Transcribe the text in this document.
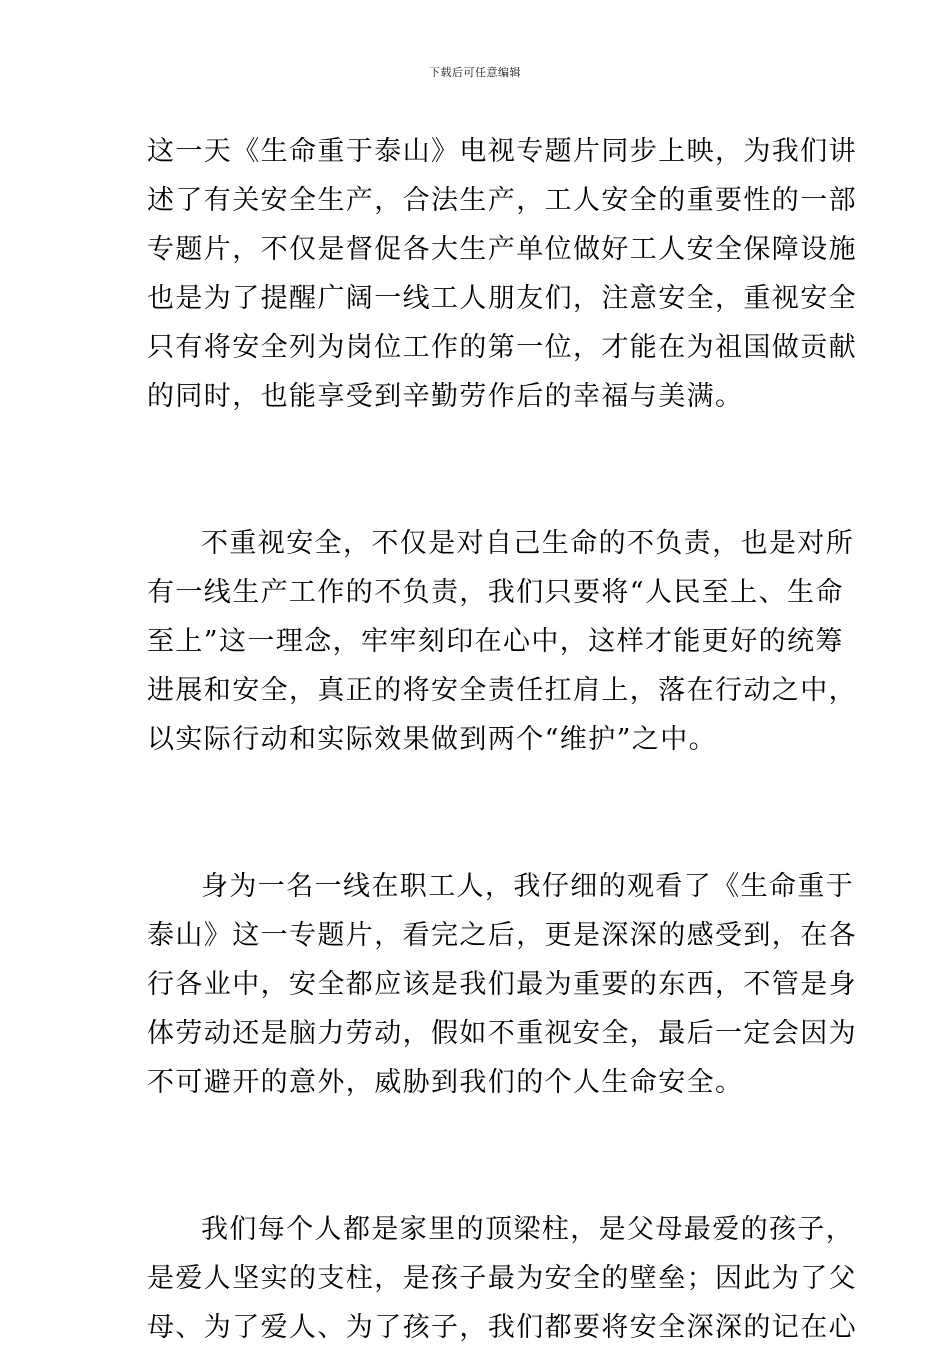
下载后可任意编辑
这一天《生命重于泰山》电视专题片同步上映，为我们讲
述了有关安全生产，合法生产，工人安全的重要性的一部
专题片，不仅是督促各大生产单位做好工人安全保障设施
也是为了提醒广阔一线工人朋友们，注意安全，重视安全
只有将安全列为岗位工作的第一位，才能在为祖国做贡献
的同时，也能享受到辛勤劳作后的幸福与美满。
不重视安全，不仅是对自己生命的不负责，也是对所
有一线生产工作的不负责，我们只要将“人民至上、生命
至上”这一理念，牢牢刻印在心中，这样才能更好的统筹
进展和安全，真正的将安全责任扛肩上，落在行动之中，
以实际行动和实际效果做到两个“维护”之中。
身为一名一线在职工人，我仔细的观看了《生命重于
泰山》这一专题片，看完之后，更是深深的感受到，在各
行各业中，安全都应该是我们最为重要的东西，不管是身
体劳动还是脑力劳动，假如不重视安全，最后一定会因为
不可避开的意外，威胁到我们的个人生命安全。
我们每个人都是家里的顶梁柱，是父母最爱的孩子，
是爱人坚实的支柱，是孩子最为安全的壁垒；因此为了父
母、为了爱人、为了孩子，我们都要将安全深深的记在心
